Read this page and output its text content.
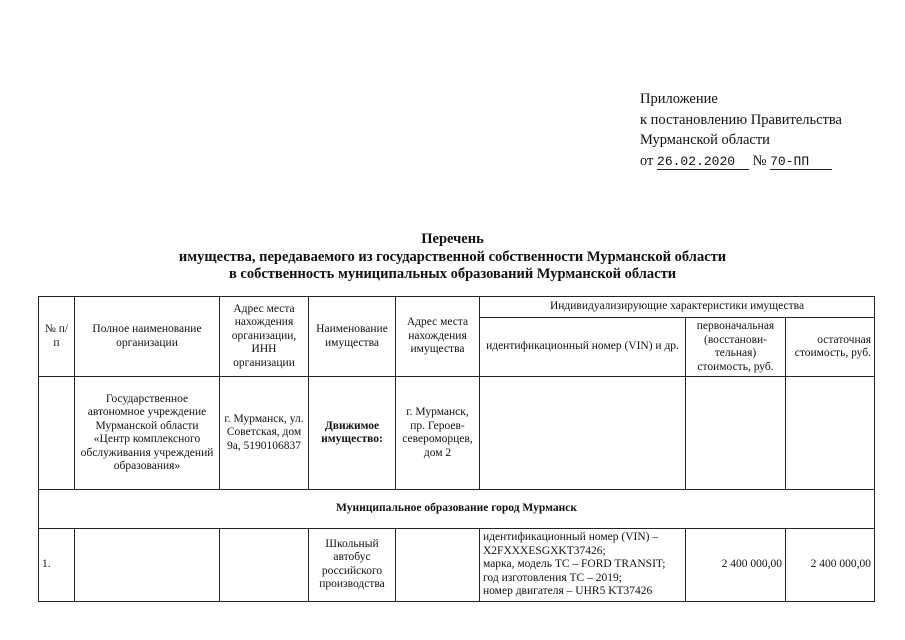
Приложение
к постановлению Правительства
Мурманской области
от 26.02.2020 № 70-ПП
Перечень
имущества, передаваемого из государственной собственности Мурманской области
в собственность муниципальных образований Мурманской области
№ п/п	Полное наименование организации	Адрес места нахождения организации, ИНН организации	Наименование имущества	Адрес места нахождения имущества	Индивидуализирующие характеристики имущества		
					идентификационный номер (VIN) и др.	первоначальная (восстанови-тельная) стоимость, руб.	остаточная стоимость, руб.
	Государственное автономное учреждение Мурманской области «Центр комплексного обслуживания учреждений образования»	г. Мурманск, ул. Советская, дом 9а, 5190106837	Движимое имущество:	г. Мурманск, пр. Героев-североморцев, дом 2			
Муниципальное образование город Мурманск							
1.			Школьный автобус российского производства		идентификационный номер (VIN) – X2FXXXESGXKT37426;
марка, модель ТС – FORD TRANSIT;
год изготовления ТС – 2019;
номер двигателя – UHR5 KT37426	2 400 000,00	2 400 000,00
